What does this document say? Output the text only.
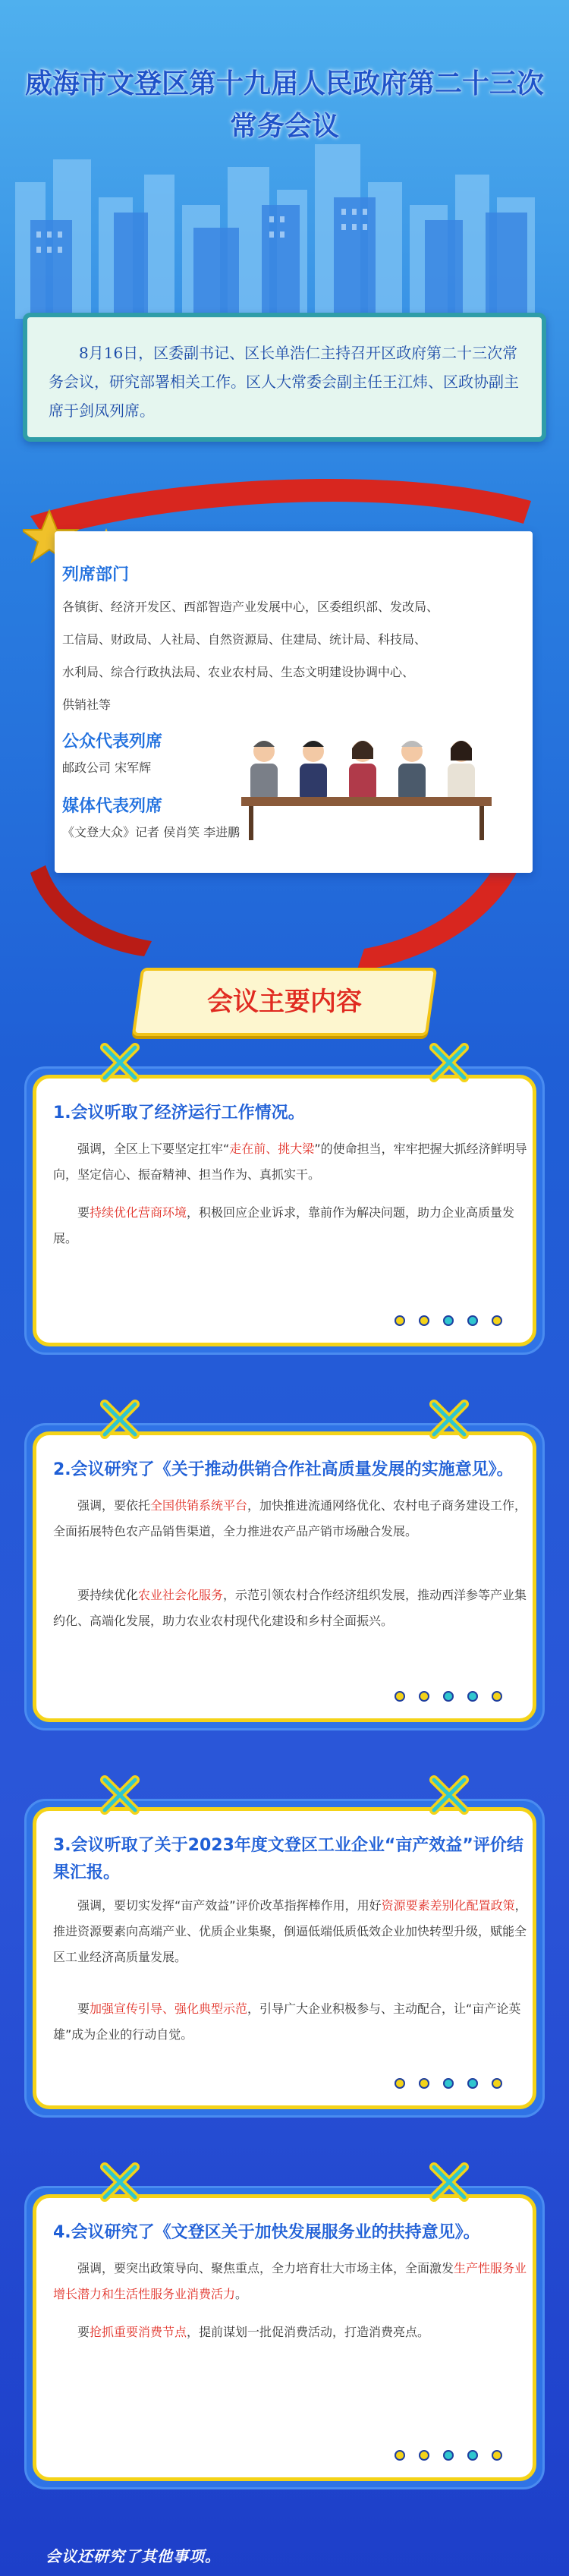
威海市文登区第十九届人民政府第二十三次
常务会议
8月16日，区委副书记、区长单浩仁主持召开区政府第二十三次常务会议，研究部署相关工作。区人大常委会副主任王江炜、区政协副主席于剑凤列席。
列席部门
各镇街、经济开发区、西部智造产业发展中心，区委组织部、发改局、
工信局、财政局、人社局、自然资源局、住建局、统计局、科技局、
水利局、综合行政执法局、农业农村局、生态文明建设协调中心、
供销社等
公众代表列席
邮政公司 宋军辉
媒体代表列席
《文登大众》记者 侯肖笑 李进鹏
会议主要内容
1.会议听取了经济运行工作情况。
强调，全区上下要坚定扛牢“走在前、挑大梁”的使命担当，牢牢把握大抓经济鲜明导向，坚定信心、振奋精神、担当作为、真抓实干。
要持续优化营商环境，积极回应企业诉求，靠前作为解决问题，助力企业高质量发展。
2.会议研究了《关于推动供销合作社高质量发展的实施意见》。
强调，要依托全国供销系统平台，加快推进流通网络优化、农村电子商务建设工作，全面拓展特色农产品销售渠道，全力推进农产品产销市场融合发展。
要持续优化农业社会化服务，示范引领农村合作经济组织发展，推动西洋参等产业集约化、高端化发展，助力农业农村现代化建设和乡村全面振兴。
3.会议听取了关于2023年度文登区工业企业“亩产效益”评价结果汇报。
强调，要切实发挥“亩产效益”评价改革指挥棒作用，用好资源要素差别化配置政策，推进资源要素向高端产业、优质企业集聚，倒逼低端低质低效企业加快转型升级，赋能全区工业经济高质量发展。
要加强宣传引导、强化典型示范，引导广大企业积极参与、主动配合，让“亩产论英雄”成为企业的行动自觉。
4.会议研究了《文登区关于加快发展服务业的扶持意见》。
强调，要突出政策导向、聚焦重点，全力培育壮大市场主体，全面激发生产性服务业增长潜力和生活性服务业消费活力。
要抢抓重要消费节点，提前谋划一批促消费活动，打造消费亮点。
会议还研究了其他事项。
